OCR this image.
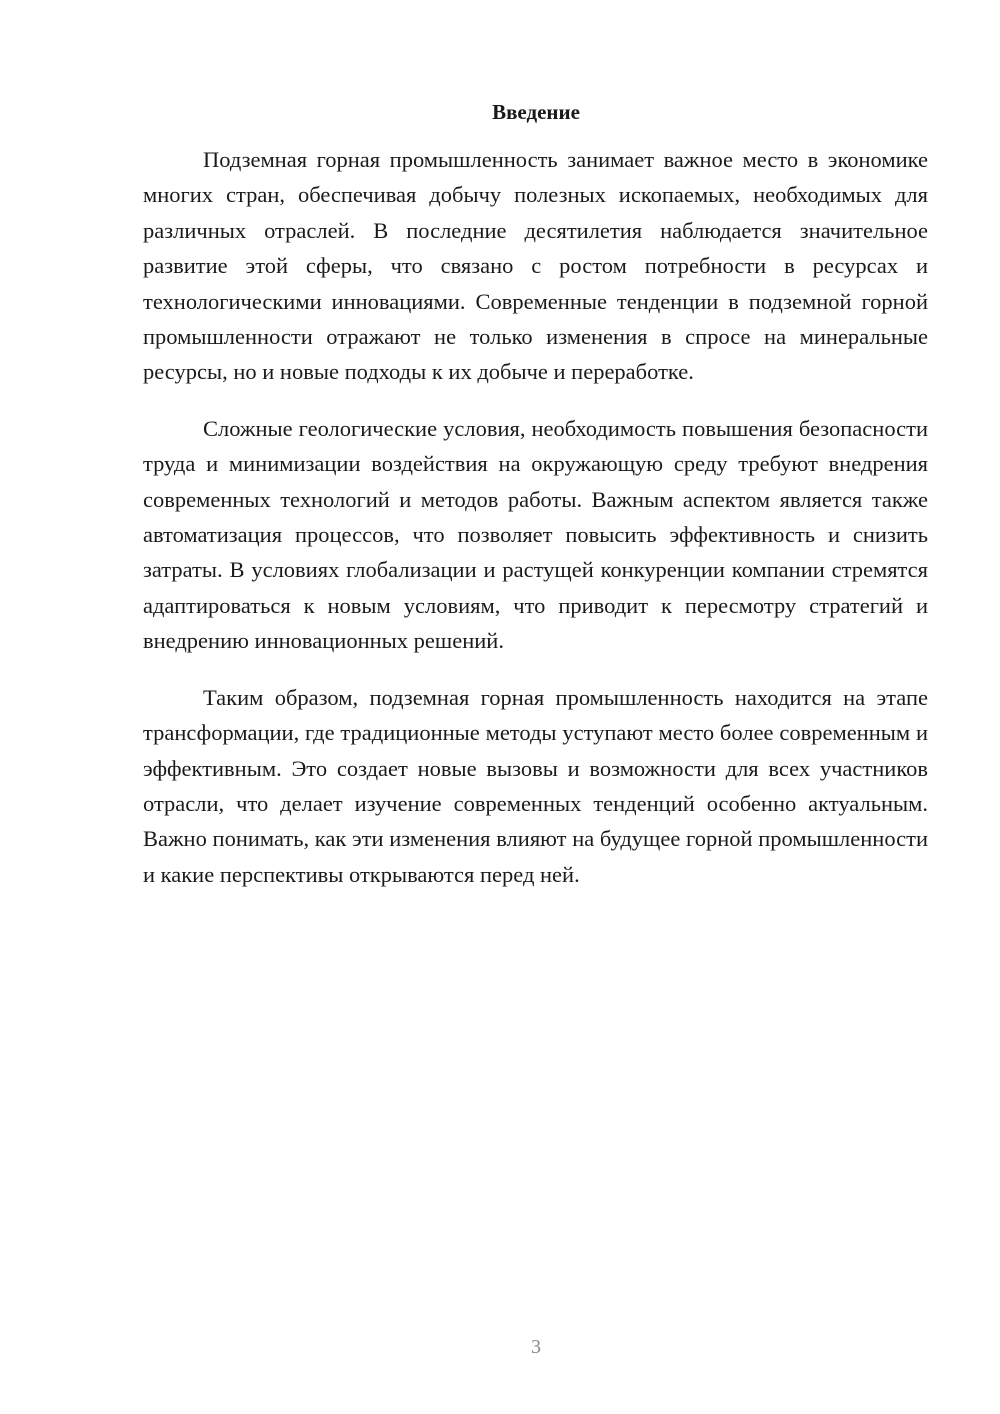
Введение

Подземная горная промышленность занимает важное место в экономике многих стран, обеспечивая добычу полезных ископаемых, необходимых для различных отраслей. В последние десятилетия наблюдается значительное развитие этой сферы, что связано с ростом потребности в ресурсах и технологическими инновациями. Современные тенденции в подземной горной промышленности отражают не только изменения в спросе на минеральные ресурсы, но и новые подходы к их добыче и переработке.

Сложные геологические условия, необходимость повышения безопасности труда и минимизации воздействия на окружающую среду требуют внедрения современных технологий и методов работы. Важным аспектом является также автоматизация процессов, что позволяет повысить эффективность и снизить затраты. В условиях глобализации и растущей конкуренции компании стремятся адаптироваться к новым условиям, что приводит к пересмотру стратегий и внедрению инновационных решений.

Таким образом, подземная горная промышленность находится на этапе трансформации, где традиционные методы уступают место более современным и эффективным. Это создает новые вызовы и возможности для всех участников отрасли, что делает изучение современных тенденций особенно актуальным. Важно понимать, как эти изменения влияют на будущее горной промышленности и какие перспективы открываются перед ней.

3
